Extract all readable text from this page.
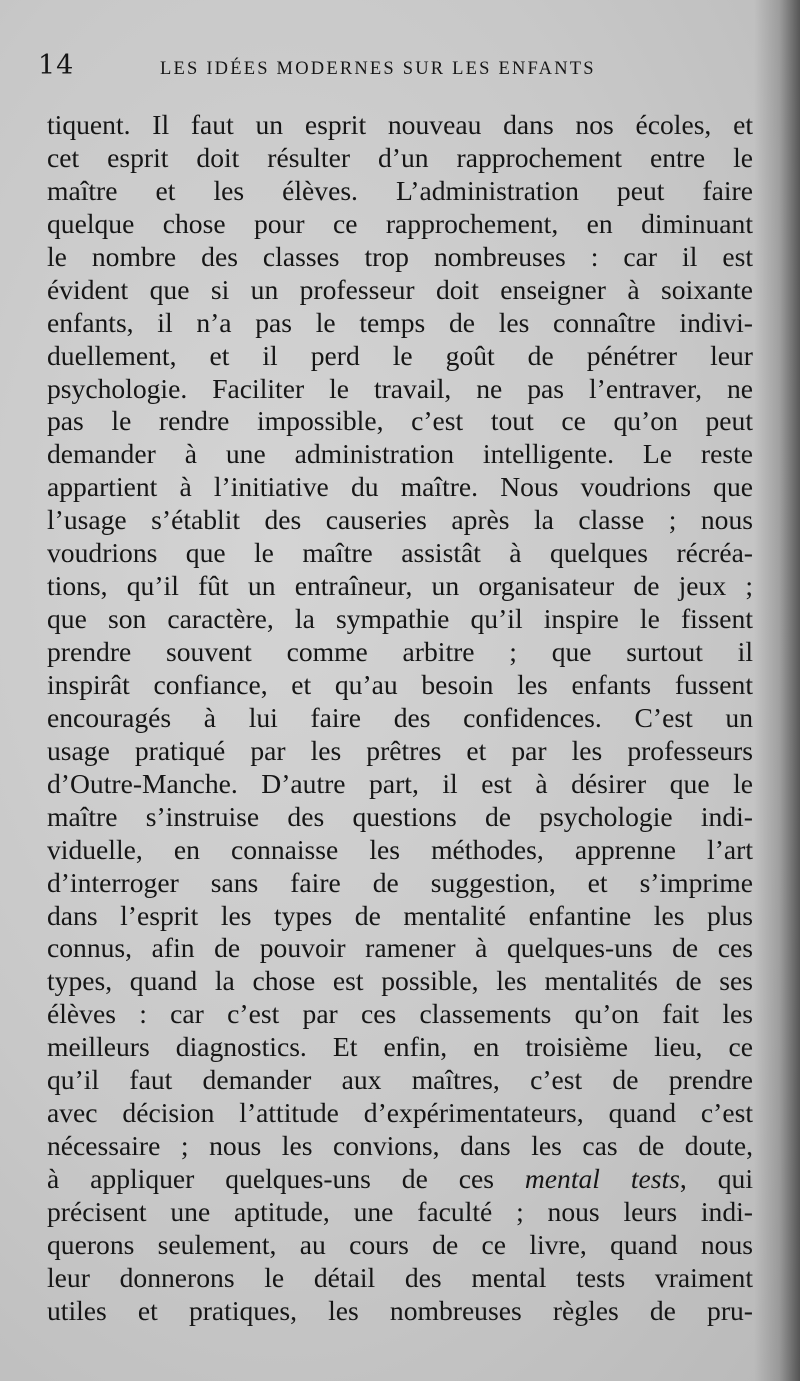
14	LES IDÉES MODERNES SUR LES ENFANTS
tiquent. Il faut un esprit nouveau dans nos écoles, et
cet esprit doit résulter d’un rapprochement entre le
maître et les élèves. L’administration peut faire
quelque chose pour ce rapprochement, en diminuant
le nombre des classes trop nombreuses : car il est
évident que si un professeur doit enseigner à soixante
enfants, il n’a pas le temps de les connaître indivi-
duellement, et il perd le goût de pénétrer leur
psychologie. Faciliter le travail, ne pas l’entraver, ne
pas le rendre impossible, c’est tout ce qu’on peut
demander à une administration intelligente. Le reste
appartient à l’initiative du maître. Nous voudrions que
l’usage s’établit des causeries après la classe ; nous
voudrions que le maître assistât à quelques récréa-
tions, qu’il fût un entraîneur, un organisateur de jeux ;
que son caractère, la sympathie qu’il inspire le fissent
prendre souvent comme arbitre ; que surtout il
inspirât confiance, et qu’au besoin les enfants fussent
encouragés à lui faire des confidences. C’est un
usage pratiqué par les prêtres et par les professeurs
d’Outre-Manche. D’autre part, il est à désirer que le
maître s’instruise des questions de psychologie indi-
viduelle, en connaisse les méthodes, apprenne l’art
d’interroger sans faire de suggestion, et s’imprime
dans l’esprit les types de mentalité enfantine les plus
connus, afin de pouvoir ramener à quelques-uns de ces
types, quand la chose est possible, les mentalités de ses
élèves : car c’est par ces classements qu’on fait les
meilleurs diagnostics. Et enfin, en troisième lieu, ce
qu’il faut demander aux maîtres, c’est de prendre
avec décision l’attitude d’expérimentateurs, quand c’est
nécessaire ; nous les convions, dans les cas de doute,
à appliquer quelques-uns de ces mental tests, qui
précisent une aptitude, une faculté ; nous leurs indi-
querons seulement, au cours de ce livre, quand nous
leur donnerons le détail des mental tests vraiment
utiles et pratiques, les nombreuses règles de pru-
